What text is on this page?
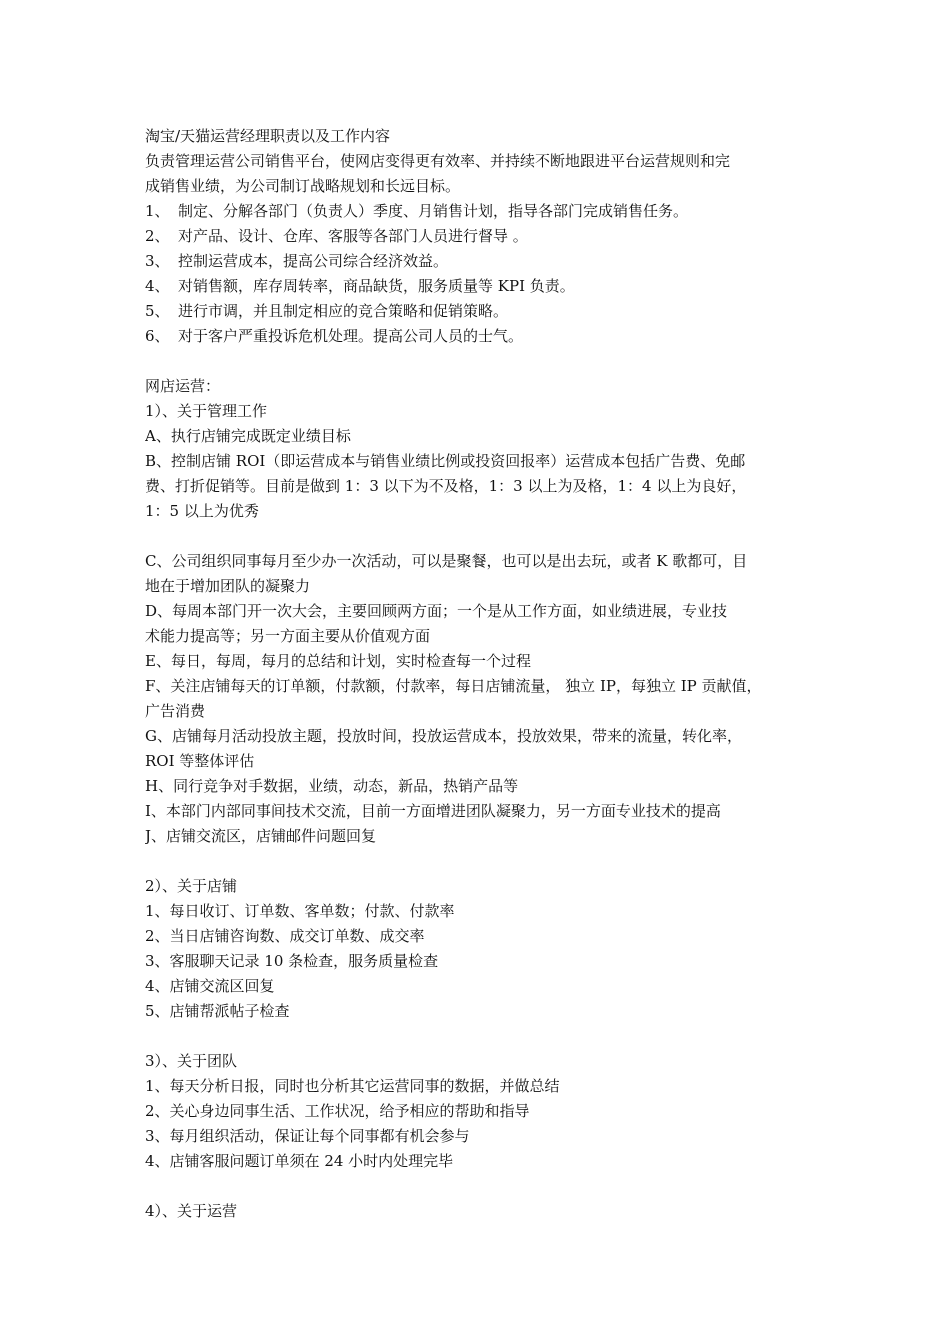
淘宝/天猫运营经理职责以及工作内容
负责管理运营公司销售平台，使网店变得更有效率、并持续不断地跟进平台运营规则和完
成销售业绩，为公司制订战略规划和长远目标。
1、 制定、分解各部门（负责人）季度、月销售计划，指导各部门完成销售任务。
2、 对产品、设计、仓库、客服等各部门人员进行督导 。
3、 控制运营成本，提高公司综合经济效益。
4、 对销售额，库存周转率，商品缺货，服务质量等 KPI 负责。
5、 进行市调，并且制定相应的竞合策略和促销策略。
6、 对于客户严重投诉危机处理。提高公司人员的士气。
网店运营：
1）、关于管理工作
A、执行店铺完成既定业绩目标
B、控制店铺 ROI（即运营成本与销售业绩比例或投资回报率）运营成本包括广告费、免邮
费、打折促销等。目前是做到 1：3 以下为不及格，1：3 以上为及格，1：4 以上为良好，
1：5 以上为优秀
C、公司组织同事每月至少办一次活动，可以是聚餐，也可以是出去玩，或者 K 歌都可，目
地在于增加团队的凝聚力
D、每周本部门开一次大会，主要回顾两方面；一个是从工作方面，如业绩进展，专业技
术能力提高等；另一方面主要从价值观方面
E、每日，每周，每月的总结和计划，实时检查每一个过程
F、关注店铺每天的订单额，付款额，付款率，每日店铺流量， 独立 IP，每独立 IP 贡献值，
广告消费
G、店铺每月活动投放主题，投放时间，投放运营成本，投放效果，带来的流量，转化率，
ROI 等整体评估
H、同行竞争对手数据，业绩，动态，新品，热销产品等
I、本部门内部同事间技术交流，目前一方面增进团队凝聚力，另一方面专业技术的提高
J、店铺交流区，店铺邮件问题回复
2）、关于店铺
1、每日收订、订单数、客单数；付款、付款率
2、当日店铺咨询数、成交订单数、成交率
3、客服聊天记录 10 条检查，服务质量检查
4、店铺交流区回复
5、店铺帮派帖子检查
3）、关于团队
1、每天分析日报，同时也分析其它运营同事的数据，并做总结
2、关心身边同事生活、工作状况，给予相应的帮助和指导
3、每月组织活动，保证让每个同事都有机会参与
4、店铺客服问题订单须在 24 小时内处理完毕
4）、关于运营
